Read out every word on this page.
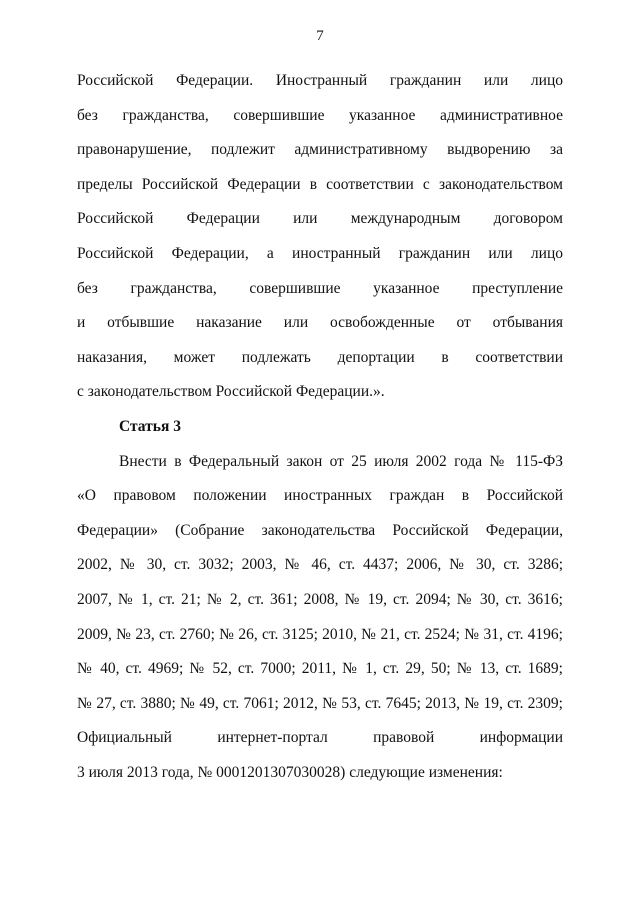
7
Российской Федерации. Иностранный гражданин или лицо
без гражданства, совершившие указанное административное
правонарушение, подлежит административному выдворению за
пределы Российской Федерации в соответствии с законодательством
Российской Федерации или международным договором
Российской Федерации, а иностранный гражданин или лицо
без гражданства, совершившие указанное преступление
и отбывшие наказание или освобожденные от отбывания
наказания, может подлежать депортации в соответствии
с законодательством Российской Федерации.».
Статья 3
Внести в Федеральный закон от 25 июля 2002 года № 115-ФЗ
«О правовом положении иностранных граждан в Российской
Федерации» (Собрание законодательства Российской Федерации,
2002, № 30, ст. 3032; 2003, № 46, ст. 4437; 2006, № 30, ст. 3286;
2007, № 1, ст. 21; № 2, ст. 361; 2008, № 19, ст. 2094; № 30, ст. 3616;
2009, № 23, ст. 2760; № 26, ст. 3125; 2010, № 21, ст. 2524; № 31, ст. 4196;
№ 40, ст. 4969; № 52, ст. 7000; 2011, № 1, ст. 29, 50; № 13, ст. 1689;
№ 27, ст. 3880; № 49, ст. 7061; 2012, № 53, ст. 7645; 2013, № 19, ст. 2309;
Официальный интернет-портал правовой информации
3 июля 2013 года, № 0001201307030028) следующие изменения:
